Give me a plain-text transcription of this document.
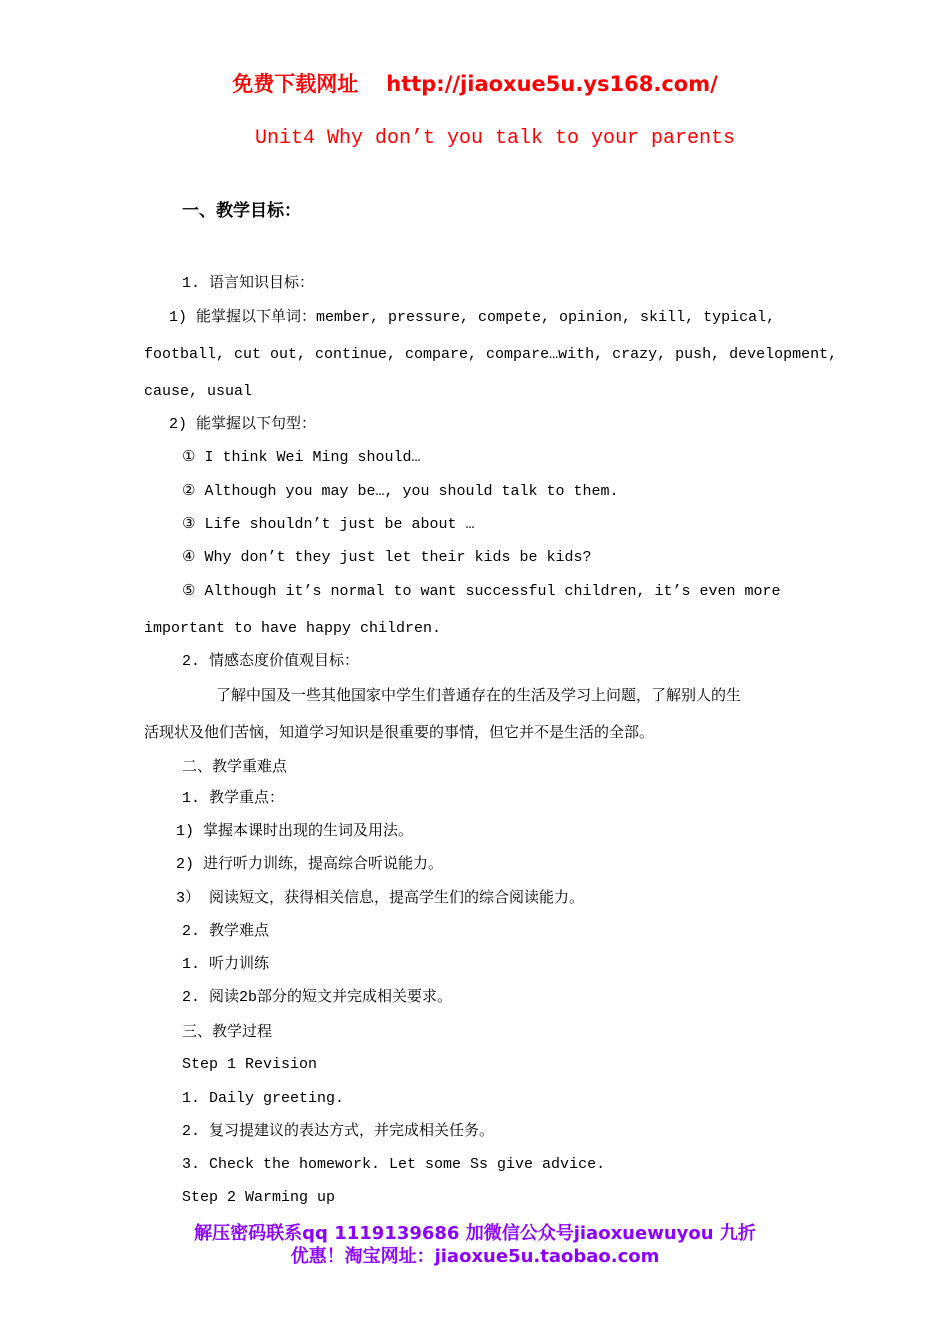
免费下载网址 http://jiaoxue5u.ys168.com/
Unit4 Why don’t you talk to your parents
一、教学目标：
1. 语言知识目标：
1) 能掌握以下单词：member, pressure, compete, opinion, skill, typical,
football, cut out, continue, compare, compare…with, crazy, push, development,
cause, usual
2) 能掌握以下句型：
① I think Wei Ming should…
② Although you may be…, you should talk to them.
③ Life shouldn’t just be about …
④ Why don’t they just let their kids be kids?
⑤ Although it’s normal to want successful children, it’s even more
important to have happy children.
2. 情感态度价值观目标：
了解中国及一些其他国家中学生们普通存在的生活及学习上问题，了解别人的生
活现状及他们苦恼，知道学习知识是很重要的事情，但它并不是生活的全部。
二、教学重难点
1. 教学重点：
1) 掌握本课时出现的生词及用法。
2) 进行听力训练，提高综合听说能力。
3） 阅读短文，获得相关信息，提高学生们的综合阅读能力。
2. 教学难点
1. 听力训练
2. 阅读2b部分的短文并完成相关要求。
三、教学过程
Step 1 Revision
1. Daily greeting.
2. 复习提建议的表达方式，并完成相关任务。
3. Check the homework. Let some Ss give advice.
Step 2 Warming up
解压密码联系qq 1119139686 加微信公众号jiaoxuewuyou 九折
优惠！淘宝网址：jiaoxue5u.taobao.com
